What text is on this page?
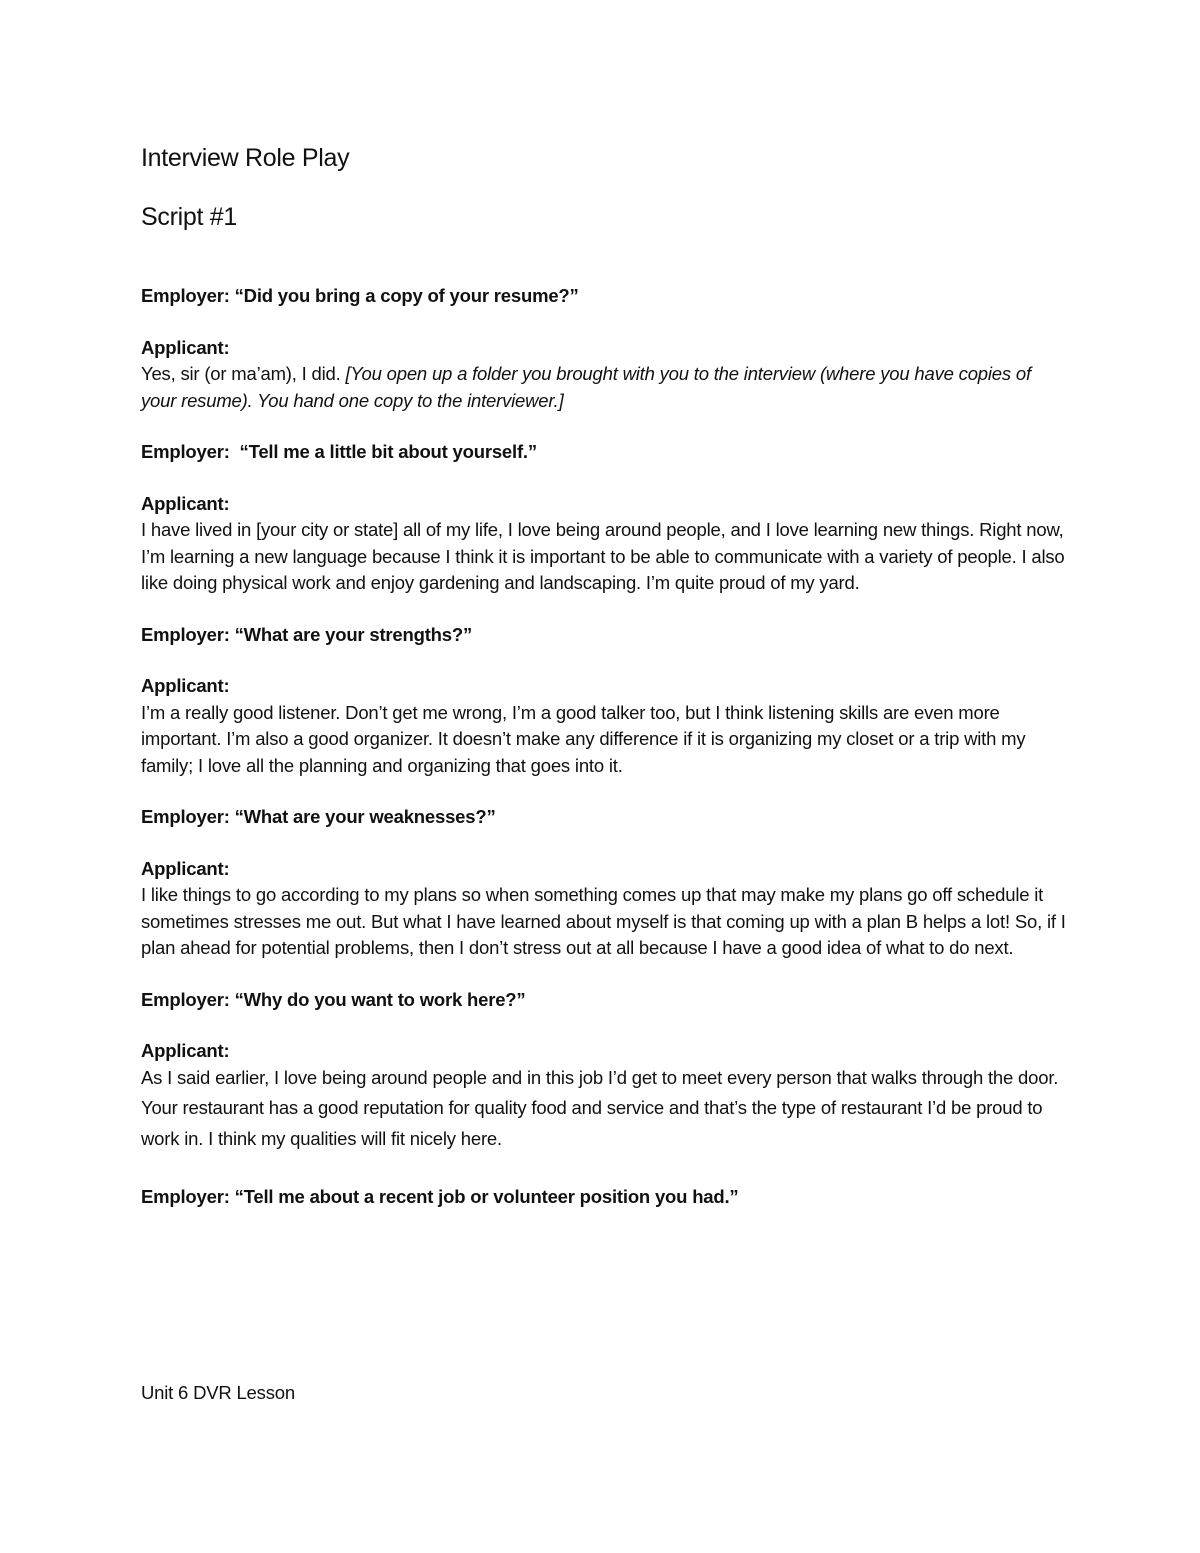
Interview Role Play
Script #1
Employer: “Did you bring a copy of your resume?”
Applicant:

Yes, sir (or ma’am), I did. [You open up a folder you brought with you to the interview (where you have copies of your resume). You hand one copy to the interviewer.]

Employer:  “Tell me a little bit about yourself.”
Applicant:

I have lived in [your city or state] all of my life, I love being around people, and I love learning new things. Right now, I’m learning a new language because I think it is important to be able to communicate with a variety of people. I also like doing physical work and enjoy gardening and landscaping. I’m quite proud of my yard.

Employer: “What are your strengths?”
Applicant:

I’m a really good listener. Don’t get me wrong, I’m a good talker too, but I think listening skills are even more important. I’m also a good organizer. It doesn’t make any difference if it is organizing my closet or a trip with my family; I love all the planning and organizing that goes into it.

Employer: “What are your weaknesses?”
Applicant:

I like things to go according to my plans so when something comes up that may make my plans go off schedule it sometimes stresses me out. But what I have learned about myself is that coming up with a plan B helps a lot! So, if I plan ahead for potential problems, then I don’t stress out at all because I have a good idea of what to do next.

Employer: “Why do you want to work here?”
Applicant:

As I said earlier, I love being around people and in this job I’d get to meet every person that walks through the door. Your restaurant has a good reputation for quality food and service and that’s the type of restaurant I’d be proud to work in. I think my qualities will fit nicely here.

Employer: “Tell me about a recent job or volunteer position you had.”
Unit 6 DVR Lesson
